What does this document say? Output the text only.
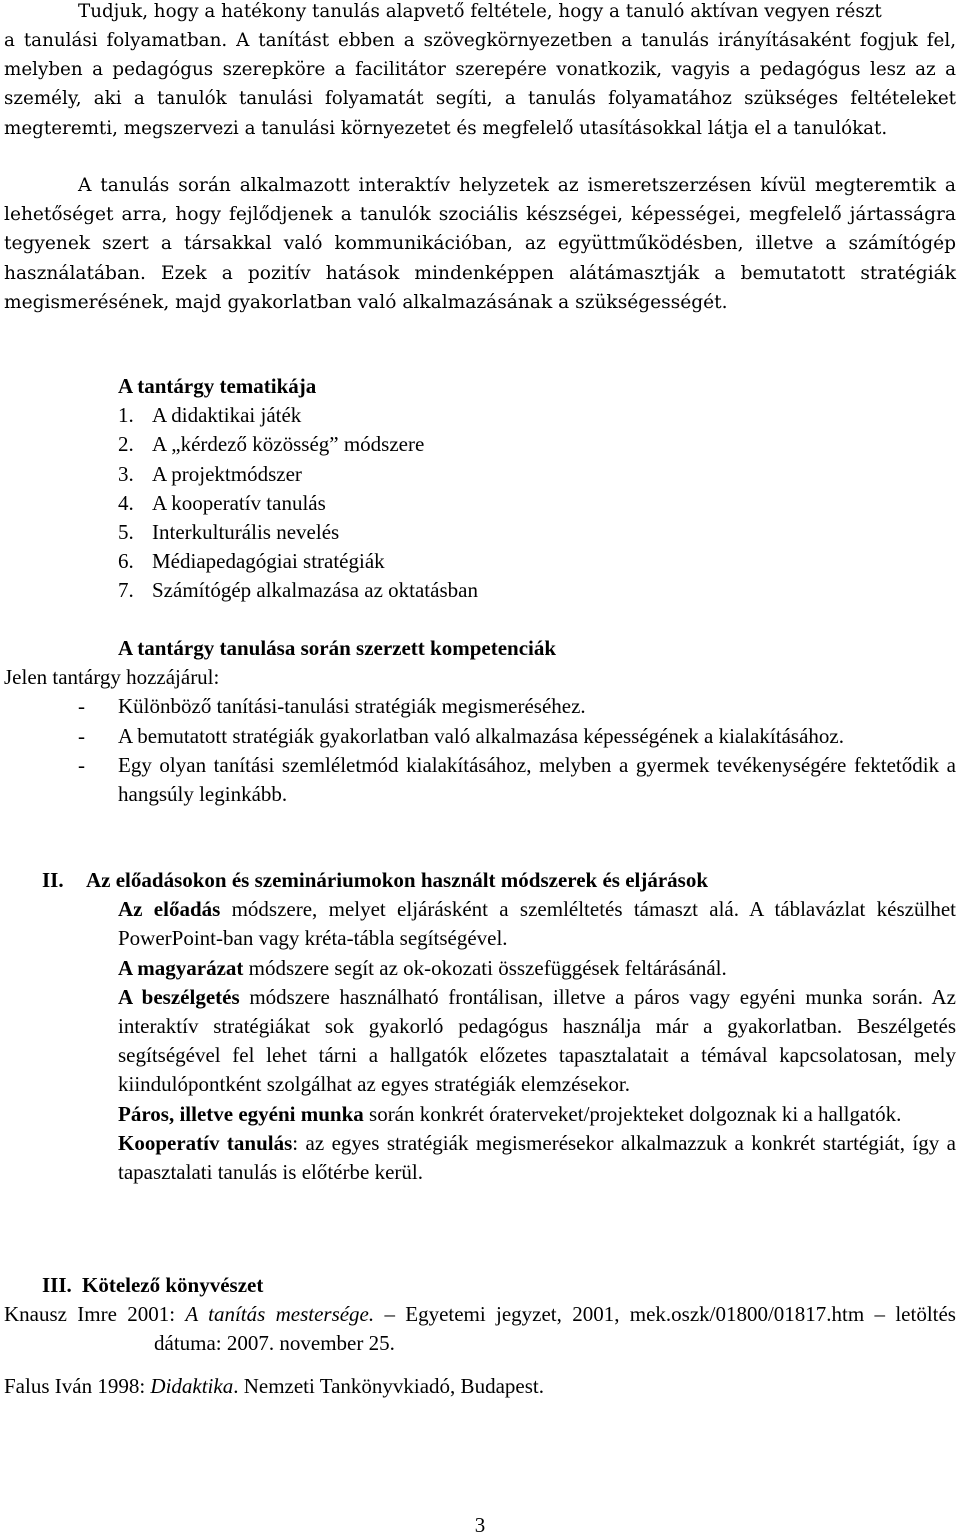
Tudjuk, hogy a hatékony tanulás alapvető feltétele, hogy a tanuló aktívan vegyen részt

a tanulási folyamatban. A tanítást ebben a szövegkörnyezetben a tanulás irányításaként fogjuk fel, melyben a pedagógus szerepköre a facilitátor szerepére vonatkozik, vagyis a pedagógus lesz az a személy, aki a tanulók tanulási folyamatát segíti, a tanulás folyamatához szükséges feltételeket megteremti, megszervezi a tanulási környezetet és megfelelő utasításokkal látja el a tanulókat.

A tanulás során alkalmazott interaktív helyzetek az ismeretszerzésen kívül megteremtik a lehetőséget arra, hogy fejlődjenek a tanulók szociális készségei, képességei, megfelelő jártasságra tegyenek szert a társakkal való kommunikációban, az együttműködésben, illetve a számítógép használatában. Ezek a pozitív hatások mindenképpen alátámasztják a bemutatott stratégiák megismerésének, majd gyakorlatban való alkalmazásának a szükségességét.

A tantárgy tematikája

1. A didaktikai játék
2. A „kérdező közösség” módszere
3. A projektmódszer
4. A kooperatív tanulás
5. Interkulturális nevelés
6. Médiapedagógiai stratégiák
7. Számítógép alkalmazása az oktatásban

A tantárgy tanulása során szerzett kompetenciák

Jelen tantárgy hozzájárul:

-	Különböző tanítási-tanulási stratégiák megismeréséhez.
-	A bemutatott stratégiák gyakorlatban való alkalmazása képességének a kialakításához.
-	Egy olyan tanítási szemléletmód kialakításához, melyben a gyermek tevékenységére fektetődik a hangsúly leginkább.
II.	Az előadásokon és szemináriumokon használt módszerek és eljárások

Az előadás módszere, melyet eljárásként a szemléltetés támaszt alá. A táblavázlat készülhet PowerPoint-ban vagy kréta-tábla segítségével.

A magyarázat módszere segít az ok-okozati összefüggések feltárásánál.

A beszélgetés módszere használható frontálisan, illetve a páros vagy egyéni munka során. Az interaktív stratégiákat sok gyakorló pedagógus használja már a gyakorlatban. Beszélgetés segítségével fel lehet tárni a hallgatók előzetes tapasztalatait a témával kapcsolatosan, mely kiindulópontként szolgálhat az egyes stratégiák elemzésekor.

Páros, illetve egyéni munka során konkrét óraterveket/projekteket dolgoznak ki a hallgatók.

Kooperatív tanulás: az egyes stratégiák megismerésekor alkalmazzuk a konkrét startégiát, így a tapasztalati tanulás is előtérbe kerül.

III. Kötelező könyvészet

Knausz Imre 2001: A tanítás mestersége. – Egyetemi jegyzet, 2001, mek.oszk/01800/01817.htm – letöltés dátuma: 2007. november 25.

Falus Iván 1998: Didaktika. Nemzeti Tankönyvkiadó, Budapest.

3
